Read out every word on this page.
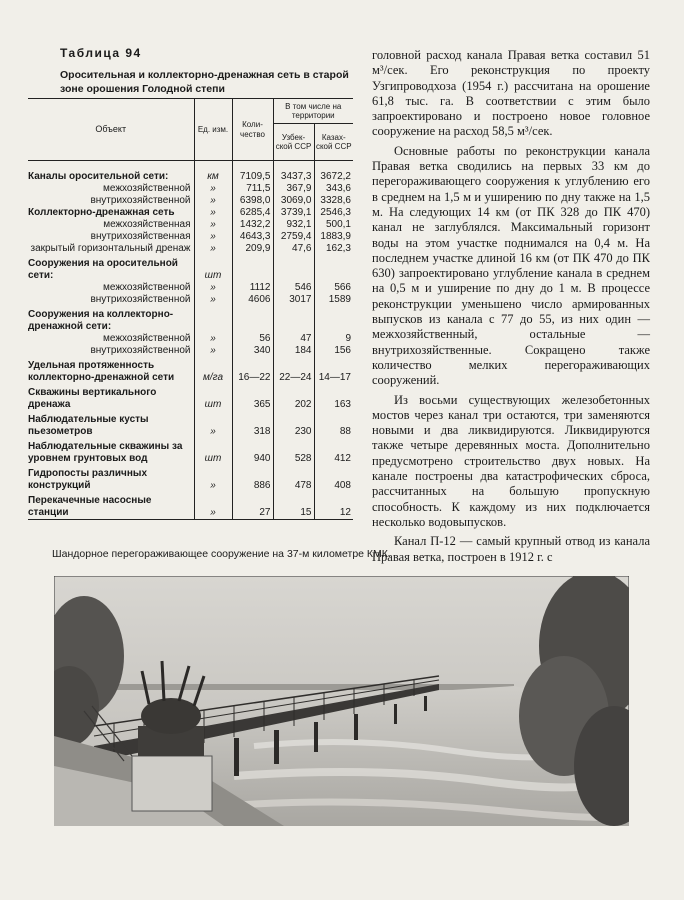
Таблица 94
Оросительная и коллекторно-дренажная сеть в старой зоне орошения Голодной степи
Объект	Ед. изм.	Коли-чество	В том числе на территории	
			Узбек-ской ССР	Казах-ской ССР
Каналы оросительной сети:	км	7109,5	3437,3	3672,2
межхозяйственной	»	711,5	367,9	343,6
внутрихозяйственной	»	6398,0	3069,0	3328,6
Коллекторно-дренажная сеть	»	6285,4	3739,1	2546,3
межхозяйственная	»	1432,2	932,1	500,1
внутрихозяйственная	»	4643,3	2759,4	1883,9
закрытый горизонтальный дренаж	»	209,9	47,6	162,3
Сооружения на оросительной сети:	шт			
межхозяйственной	»	1112	546	566
внутрихозяйственной	»	4606	3017	1589
Сооружения на коллекторно-дренажной сети:				
межхозяйственной	»	56	47	9
внутрихозяйственной	»	340	184	156
Удельная протяженность коллекторно-дренажной сети	м/га	16—22	22—24	14—17
Скважины вертикального дренажа	шт	365	202	163
Наблюдательные кусты пьезометров	»	318	230	88
Наблюдательные скважины за уровнем грунтовых вод	шт	940	528	412
Гидропосты различных конструкций	»	886	478	408
Перекачечные насосные станции	»	27	15	12

головной расход канала Правая ветка составил 51 м³/сек. Его реконструкция по проекту Узгипроводхоза (1954 г.) рассчитана на орошение 61,8 тыс. га. В соответствии с этим было запроектировано и построено новое головное сооружение на расход 58,5 м³/сек.

Основные работы по реконструкции канала Правая ветка сводились на первых 33 км до перегораживающего сооружения к углублению его в среднем на 1,5 м и уширению по дну также на 1,5 м. На следующих 14 км (от ПК 328 до ПК 470) канал не заглублялся. Максимальный горизонт воды на этом участке поднимался на 0,4 м. На последнем участке длиной 16 км (от ПК 470 до ПК 630) запроектировано углубление канала в среднем на 0,5 м и уширение по дну до 1 м. В процессе реконструкции уменьшено число армированных выпусков из канала с 77 до 55, из них один — межхозяйственный, остальные — внутрихозяйственные. Сокращено также количество мелких перегораживающих сооружений.

Из восьми существующих железобетонных мостов через канал три остаются, три заменяются новыми и два ликвидируются. Ликвидируются также четыре деревянных моста. Дополнительно предусмотрено строительство двух новых. На канале построены два катастрофических сброса, рассчитанных на большую пропускную способность. К каждому из них подключается несколько водовыпусков.

Канал П-12 — самый крупный отвод из канала Правая ветка, построен в 1912 г. с

Шандорное перегораживающее сооружение на 37-м километре КМК.
